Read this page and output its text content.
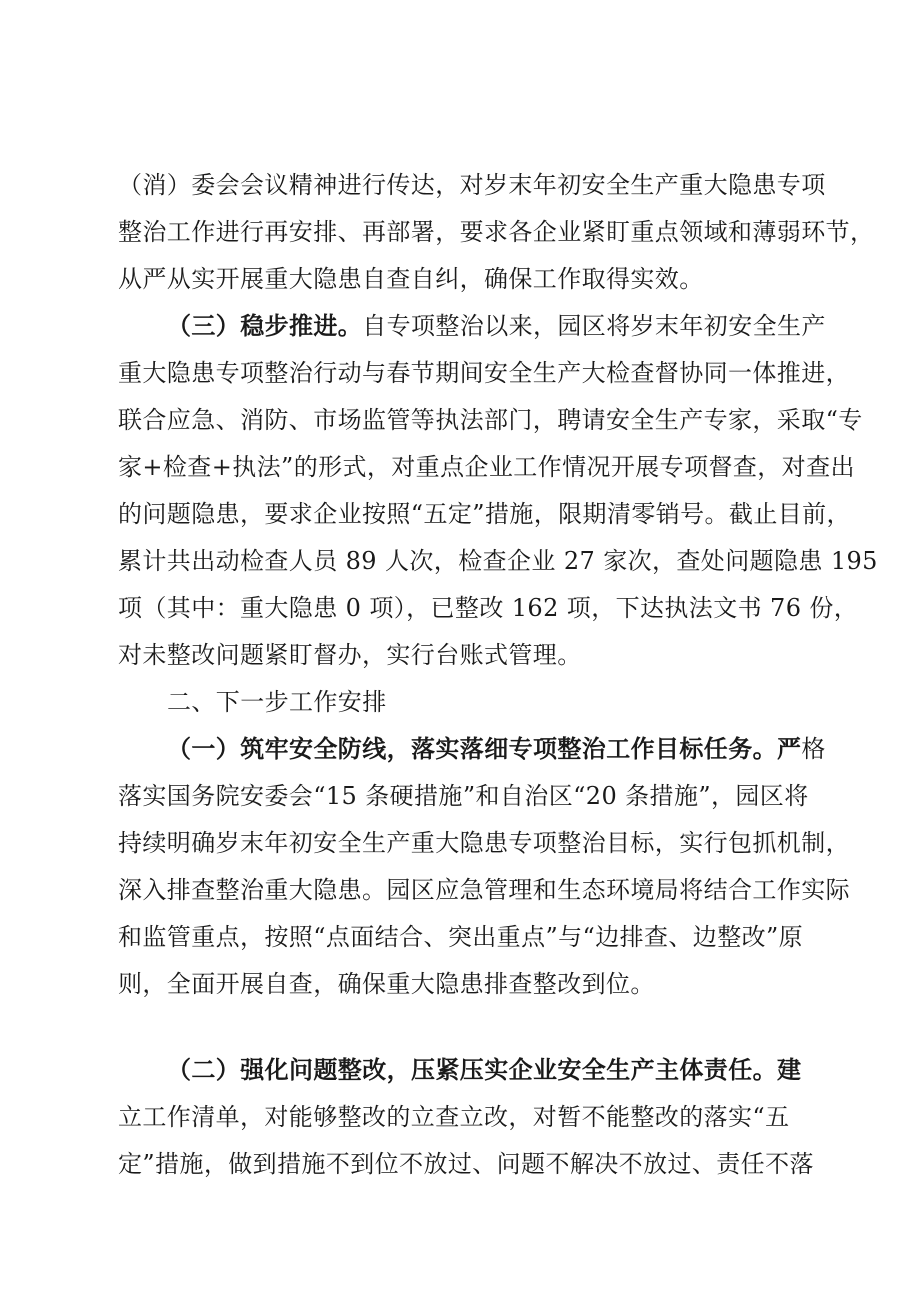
（消）委会会议精神进行传达，对岁末年初安全生产重大隐患专项
整治工作进行再安排、再部署，要求各企业紧盯重点领域和薄弱环节，
从严从实开展重大隐患自查自纠，确保工作取得实效。
（三）稳步推进。自专项整治以来，园区将岁末年初安全生产
重大隐患专项整治行动与春节期间安全生产大检查督协同一体推进，
联合应急、消防、市场监管等执法部门，聘请安全生产专家，采取“专
家+检查+执法”的形式，对重点企业工作情况开展专项督查，对查出
的问题隐患，要求企业按照“五定”措施，限期清零销号。截止目前，
累计共出动检查人员 89 人次，检查企业 27 家次，查处问题隐患 195
项（其中：重大隐患 0 项），已整改 162 项，下达执法文书 76 份，
对未整改问题紧盯督办，实行台账式管理。
二、下一步工作安排
（一）筑牢安全防线，落实落细专项整治工作目标任务。严格
落实国务院安委会“15 条硬措施”和自治区“20 条措施”，园区将
持续明确岁末年初安全生产重大隐患专项整治目标，实行包抓机制，
深入排查整治重大隐患。园区应急管理和生态环境局将结合工作实际
和监管重点，按照“点面结合、突出重点”与“边排查、边整改”原
则，全面开展自查，确保重大隐患排查整改到位。
（二）强化问题整改，压紧压实企业安全生产主体责任。建
立工作清单，对能够整改的立查立改，对暂不能整改的落实“五
定”措施，做到措施不到位不放过、问题不解决不放过、责任不落
